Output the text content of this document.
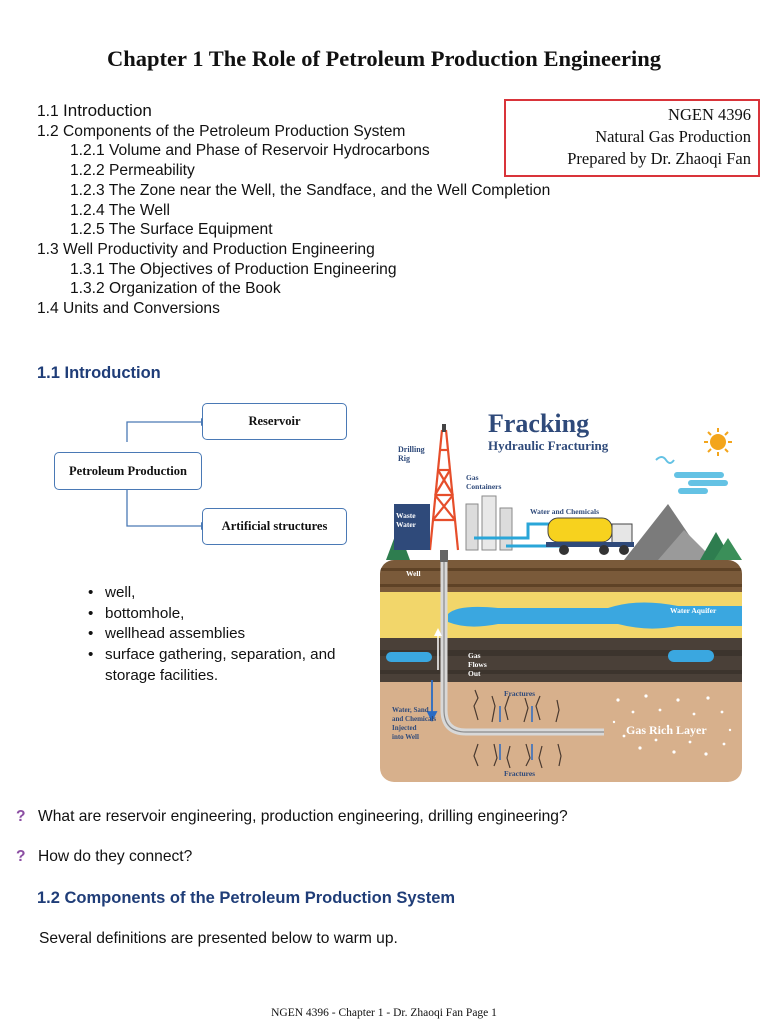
Chapter 1 The Role of Petroleum Production Engineering
1.1 Introduction
1.2 Components of the Petroleum Production System
1.2.1 Volume and Phase of Reservoir Hydrocarbons
1.2.2 Permeability
1.2.3 The Zone near the Well, the Sandface, and the Well Completion
1.2.4 The Well
1.2.5 The Surface Equipment
1.3 Well Productivity and Production Engineering
1.3.1 The Objectives of Production Engineering
1.3.2 Organization of the Book
1.4 Units and Conversions
NGEN 4396
Natural Gas Production
Prepared by Dr. Zhaoqi Fan
1.1 Introduction
Petroleum Production
Reservoir
Artificial structures
• well,
• bottomhole,
• wellhead assemblies
• surface gathering, separation, and storage facilities.
Fracking
Hydraulic Fracturing
Drilling Rig
Gas Containers
Water and Chemicals
Waste Water
Well
Water Aquifer
Gas Flows Out
Fractures
Fractures
Water, Sand and Chemicals Injected into Well	Gas Rich Layer
? What are reservoir engineering, production engineering, drilling engineering?
? How do they connect?
1.2 Components of the Petroleum Production System
Several definitions are presented below to warm up.
NGEN 4396 - Chapter 1 - Dr. Zhaoqi Fan Page 1
